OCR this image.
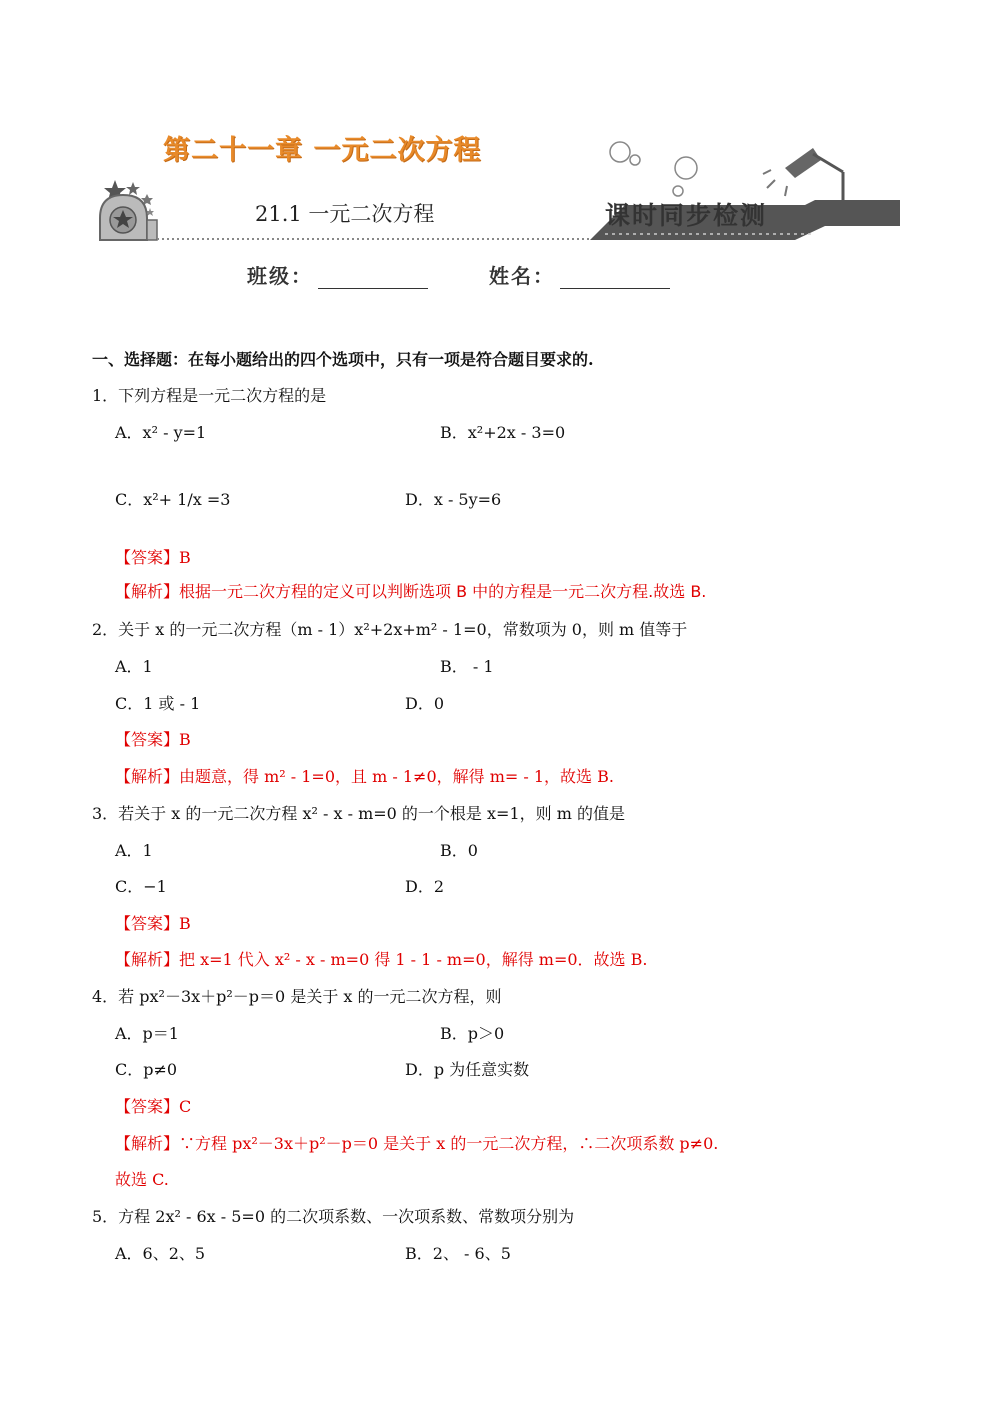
第二十一章 一元二次方程
21.1 一元二次方程	课时同步检测
班级：	姓名：
一、选择题：在每小题给出的四个选项中，只有一项是符合题目要求的.
1．下列方程是一元二次方程的是
A．x² - y=1	B．x²+2x - 3=0
C．x²+ 1/x =3	D．x - 5y=6
【答案】B
【解析】根据一元二次方程的定义可以判断选项 B 中的方程是一元二次方程.故选 B.
2．关于 x 的一元二次方程（m - 1）x²+2x+m² - 1=0，常数项为 0，则 m 值等于
A．1	B． - 1
C．1 或 - 1	D．0
【答案】B
【解析】由题意，得 m² - 1=0，且 m - 1≠0，解得 m= - 1，故选 B.
3．若关于 x 的一元二次方程 x² - x - m=0 的一个根是 x=1，则 m 的值是
A．1	B．0
C．−1	D．2
【答案】B
【解析】把 x=1 代入 x² - x - m=0 得 1 - 1 - m=0，解得 m=0．故选 B.
4．若 px²－3x＋p²－p＝0 是关于 x 的一元二次方程，则
A．p＝1	B．p＞0
C．p≠0	D．p 为任意实数
【答案】C
【解析】∵方程 px²－3x＋p²－p＝0 是关于 x 的一元二次方程，∴二次项系数 p≠0.
故选 C.
5．方程 2x² - 6x - 5=0 的二次项系数、一次项系数、常数项分别为
A．6、2、5	B．2、 - 6、5
